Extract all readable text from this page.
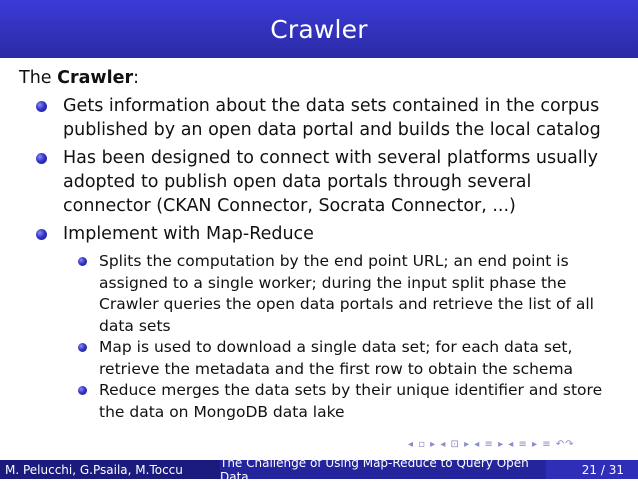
Crawler
The Crawler:
Gets information about the data sets contained in the corpus published by an open data portal and builds the local catalog
Has been designed to connect with several platforms usually adopted to publish open data portals through several connector (CKAN Connector, Socrata Connector, ...)
Implement with Map-Reduce
Splits the computation by the end point URL; an end point is assigned to a single worker; during the input split phase the Crawler queries the open data portals and retrieve the list of all data sets
Map is used to download a single data set; for each data set, retrieve the metadata and the first row to obtain the schema
Reduce merges the data sets by their unique identifier and store the data on MongoDB data lake
◂ ▫ ▸ ◂ ⊡ ▸ ◂ ≡ ▸ ◂ ≡ ▸ ≡ ↶↷
M. Pelucchi, G.Psaila, M.Toccu	The Challenge of Using Map-Reduce to Query Open Data	21 / 31
